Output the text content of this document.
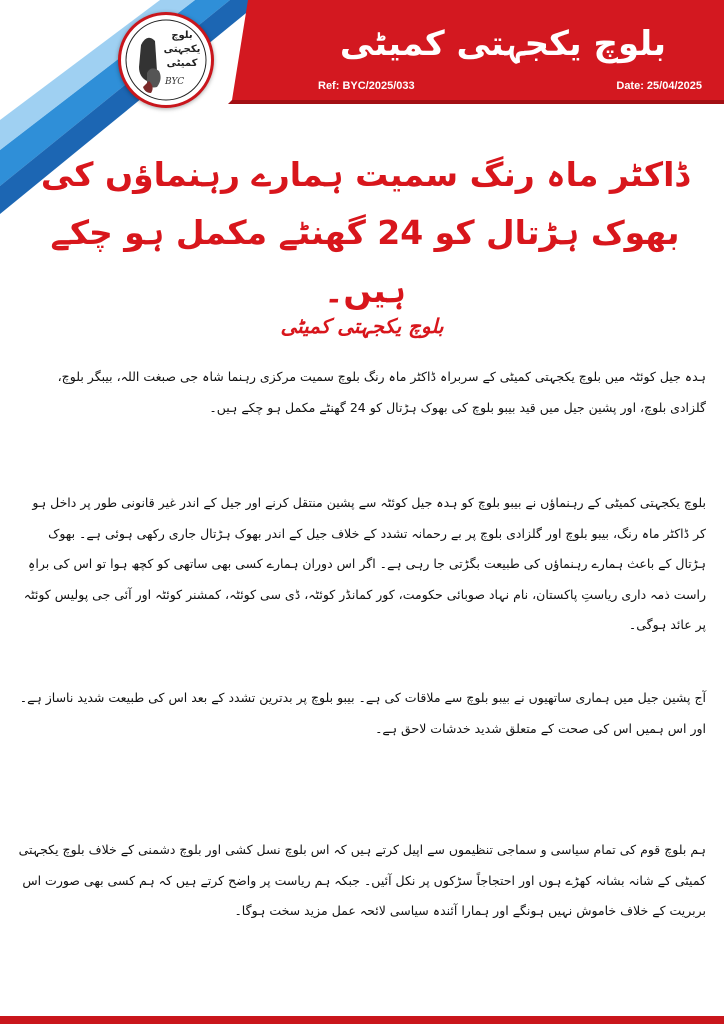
بلوچ
یکجہتی
کمیٹی
BYC
بلوچ یکجہتی کمیٹی
Ref: BYC/2025/033	Date: 25/04/2025
ڈاکٹر ماہ رنگ سمیت ہمارے رہنماؤں کی بھوک ہڑتال کو 24 گھنٹے مکمل ہو چکے ہیں۔
بلوچ یکجہتی کمیٹی
ہدہ جیل کوئٹہ میں بلوچ یکجہتی کمیٹی کے سربراہ ڈاکٹر ماہ رنگ بلوچ سمیت مرکزی رہنما شاہ جی صبغت اللہ، بیبگر بلوچ، گلزادی بلوچ، اور پشین جیل میں قید بیبو بلوچ کی بھوک ہڑتال کو 24 گھنٹے مکمل ہو چکے ہیں۔
بلوچ یکجہتی کمیٹی کے رہنماؤں نے بیبو بلوچ کو ہدہ جیل کوئٹہ سے پشین منتقل کرنے اور جیل کے اندر غیر قانونی طور پر داخل ہو کر ڈاکٹر ماہ رنگ، بیبو بلوچ اور گلزادی بلوچ پر بے رحمانہ تشدد کے خلاف جیل کے اندر بھوک ہڑتال جاری رکھی ہوئی ہے۔ بھوک ہڑتال کے باعث ہمارے رہنماؤں کی طبیعت بگڑتی جا رہی ہے۔ اگر اس دوران ہمارے کسی بھی ساتھی کو کچھ ہوا تو اس کی براہِ راست ذمہ داری ریاستِ پاکستان، نام نہاد صوبائی حکومت، کور کمانڈر کوئٹہ، ڈی سی کوئٹہ، کمشنر کوئٹہ اور آئی جی پولیس کوئٹہ پر عائد ہوگی۔
آج پشین جیل میں ہماری ساتھیوں نے بیبو بلوچ سے ملاقات کی ہے۔ بیبو بلوچ پر بدترین تشدد کے بعد اس کی طبیعت شدید ناساز ہے۔ اور اس ہمیں اس کی صحت کے متعلق شدید خدشات لاحق ہے۔
ہم بلوچ قوم کی تمام سیاسی و سماجی تنظیموں سے اپیل کرتے ہیں کہ اس بلوچ نسل کشی اور بلوچ دشمنی کے خلاف بلوچ یکجہتی کمیٹی کے شانہ بشانہ کھڑے ہوں اور احتجاجاً سڑکوں پر نکل آئیں۔ جبکہ ہم ریاست پر واضح کرتے ہیں کہ ہم کسی بھی صورت اس بربریت کے خلاف خاموش نہیں ہونگے اور ہمارا آئندہ سیاسی لائحہ عمل مزید سخت ہوگا۔
